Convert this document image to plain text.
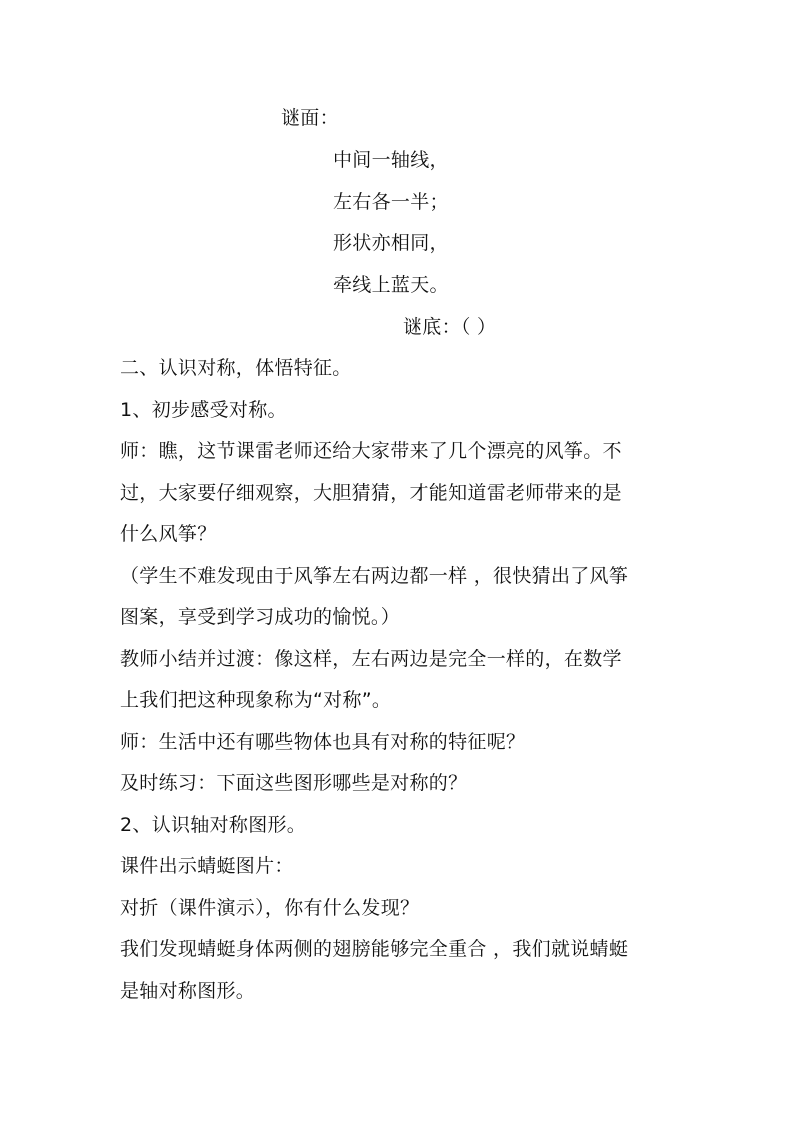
谜面：
中间一轴线，
左右各一半；
形状亦相同，
牵线上蓝天。
谜底：（ ）
二、认识对称，体悟特征。
1、初步感受对称。
师：瞧，这节课雷老师还给大家带来了几个漂亮的风筝。不
过，大家要仔细观察，大胆猜猜，才能知道雷老师带来的是
什么风筝？
（学生不难发现由于风筝左右两边都一样 ，很快猜出了风筝
图案，享受到学习成功的愉悦。）
教师小结并过渡：像这样，左右两边是完全一样的，在数学
上我们把这种现象称为“对称”。
师：生活中还有哪些物体也具有对称的特征呢？
及时练习：下面这些图形哪些是对称的？
2、认识轴对称图形。
课件出示蜻蜓图片：
对折（课件演示），你有什么发现？
我们发现蜻蜓身体两侧的翅膀能够完全重合 ，我们就说蜻蜓
是轴对称图形。
